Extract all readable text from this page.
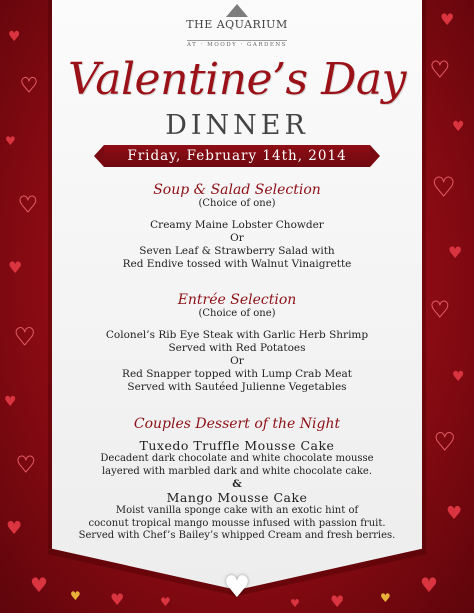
♥
♥
♥
♥
♥
♥
♥
♥
♥
♥ ♥ ♥	♥
♥
♥
♥
♥
♥
♥
♥
♥
♥
♥
♥
♥
♥
THE AQUARIUM
AT · MOODY · GARDENS
Valentine’s Day
DINNER
Friday, February 14th, 2014
Soup & Salad Selection
(Choice of one)
Creamy Maine Lobster Chowder
Or
Seven Leaf & Strawberry Salad with
Red Endive tossed with Walnut Vinaigrette
Entrée Selection
(Choice of one)
Colonel’s Rib Eye Steak with Garlic Herb Shrimp
Served with Red Potatoes
Or
Red Snapper topped with Lump Crab Meat
Served with Sautéed Julienne Vegetables
Couples Dessert of the Night
Tuxedo Truffle Mousse Cake
Decadent dark chocolate and white chocolate mousse
layered with marbled dark and white chocolate cake.
&
Mango Mousse Cake
Moist vanilla sponge cake with an exotic hint of
coconut tropical mango mousse infused with passion fruit.
Served with Chef’s Bailey’s whipped Cream and fresh berries.
♥
